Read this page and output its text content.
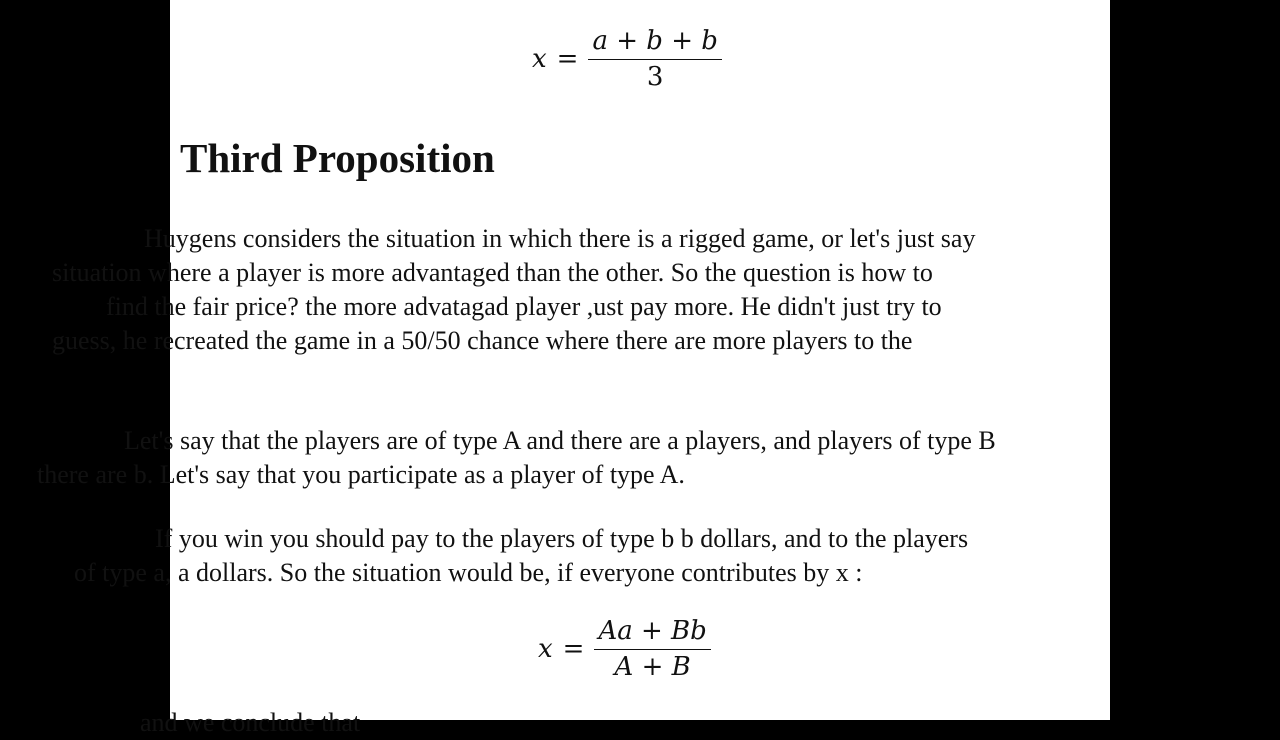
$x = \frac{a + b + b}{3}$
Third Proposition
Huygens considers the situation in which there is a rigged game, or let's just say
situation where a player is more advantaged than the other. So the question is how to
find the fair price? the more advatagad player ,ust pay more. He didn't just try to
guess, he recreated the game in a 50/50 chance where there are more players to the
Let's say that the players are of type A and there are a players, and players of type B
there are b. Let's say that you participate as a player of type A.
If you win you should pay to the players of type b b dollars, and to the players
of type a, a dollars. So the situation would be, if everyone contributes by x :
$x = \frac{Aa + Bb}{A + B}$
and we conclude that
